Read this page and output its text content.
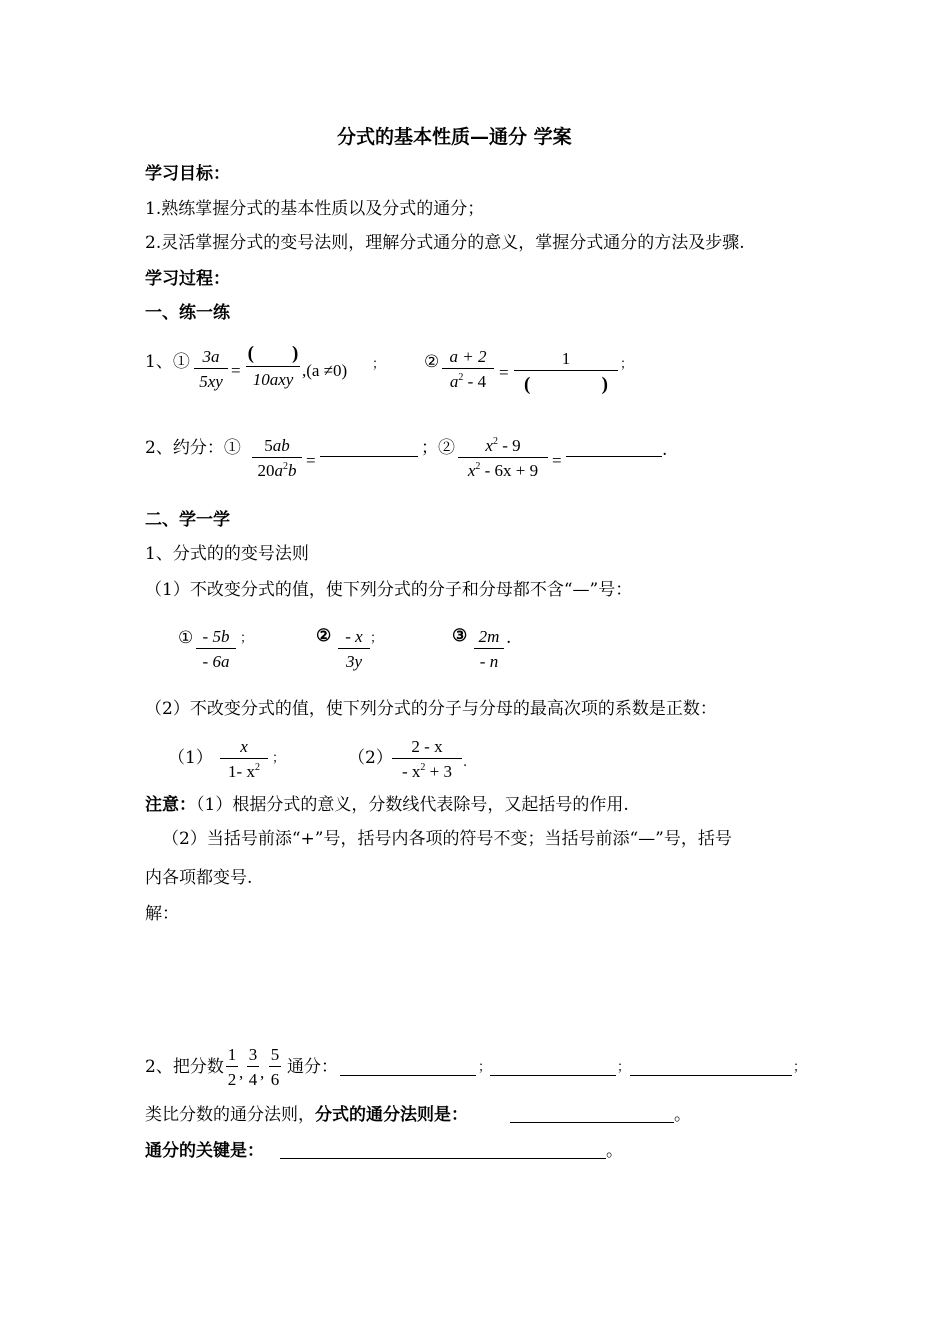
分式的基本性质—通分 学案
学习目标：
1.熟练掌握分式的基本性质以及分式的通分；
2.灵活掌握分式的变号法则，理解分式通分的意义，掌握分式通分的方法及步骤.
学习过程：
一、练一练
1、① 3a
5xy
=
(        )
10axy ,(a ≠0) ； ② a + 2
$a^2 - 4$ =
1
(               )
；
2、约分：①	5ab
$20a^2b$
=
；②	$x^2 - 9$
$x^2 - 6x + 9$
=
.
二、学一学
1、分式的的变号法则
（1）不改变分式的值，使下列分式的分子和分母都不含“—”号：
① - 5b
- 6a
；	② - x
3y
；	③ 2m
- n
.
（2）不改变分式的值，使下列分式的分子与分母的最高次项的系数是正数：
（1）
x
1- $x^2$
；	（2）
2 - x
- $x^2 + 3$ .
注意：（1）根据分式的意义，分数线代表除号，又起括号的作用.
（2）当括号前添“+”号，括号内各项的符号不变；当括号前添“—”号，括号
内各项都变号.
解：
2、把分数
1
2 ,
3
4 ,
5
6
通分：	；	；	；
类比分数的通分法则，分式的通分法则是：	。
通分的关键是：	。
